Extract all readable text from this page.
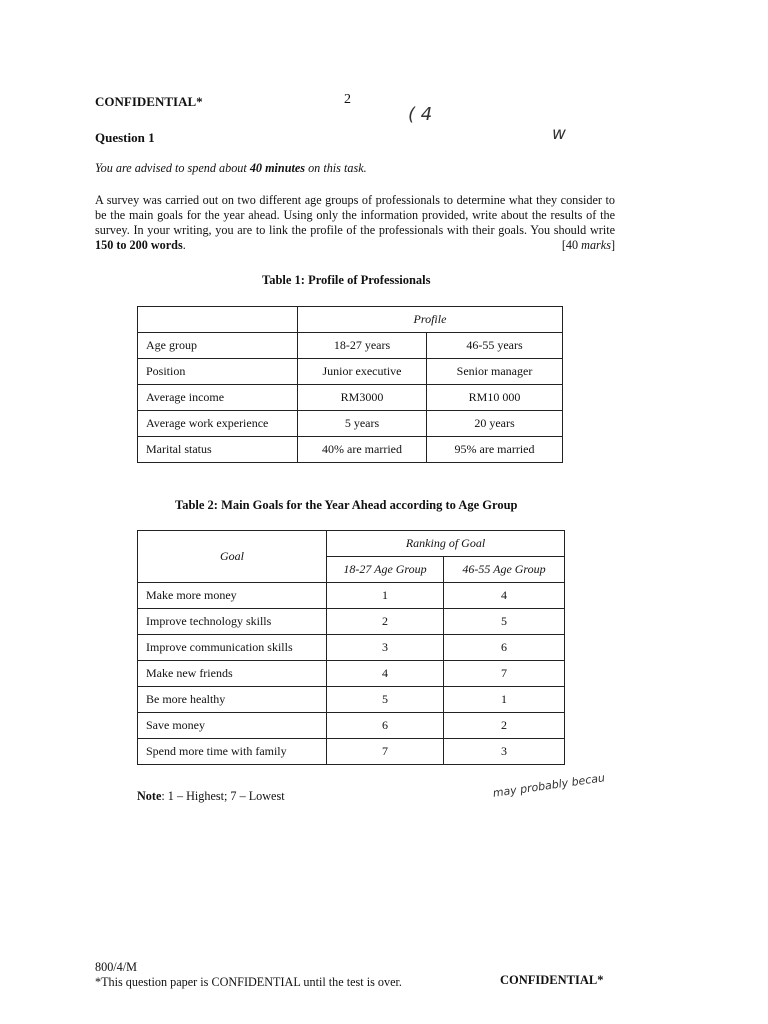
CONFIDENTIAL*	2
( 4
w
Question 1
You are advised to spend about 40 minutes on this task.
A survey was carried out on two different age groups of professionals to determine what they consider to be the main goals for the year ahead. Using only the information provided, write about the results of the survey. In your writing, you are to link the profile of the professionals with their goals. You should write 150 to 200 words.	[40 marks]
Table 1: Profile of Professionals
	Profile	
Age group	18-27 years	46-55 years
Position	Junior executive	Senior manager
Average income	RM3000	RM10 000
Average work experience	5 years	20 years
Marital status	40% are married	95% are married
Table 2: Main Goals for the Year Ahead according to Age Group
Goal	Ranking of Goal	
	18-27 Age Group	46-55 Age Group
Make more money	1	4
Improve technology skills	2	5
Improve communication skills	3	6
Make new friends	4	7
Be more healthy	5	1
Save money	6	2
Spend more time with family	7	3
Note: 1 – Highest; 7 – Lowest	may probably becau
800/4/M
*This question paper is CONFIDENTIAL until the test is over.	CONFIDENTIAL*
